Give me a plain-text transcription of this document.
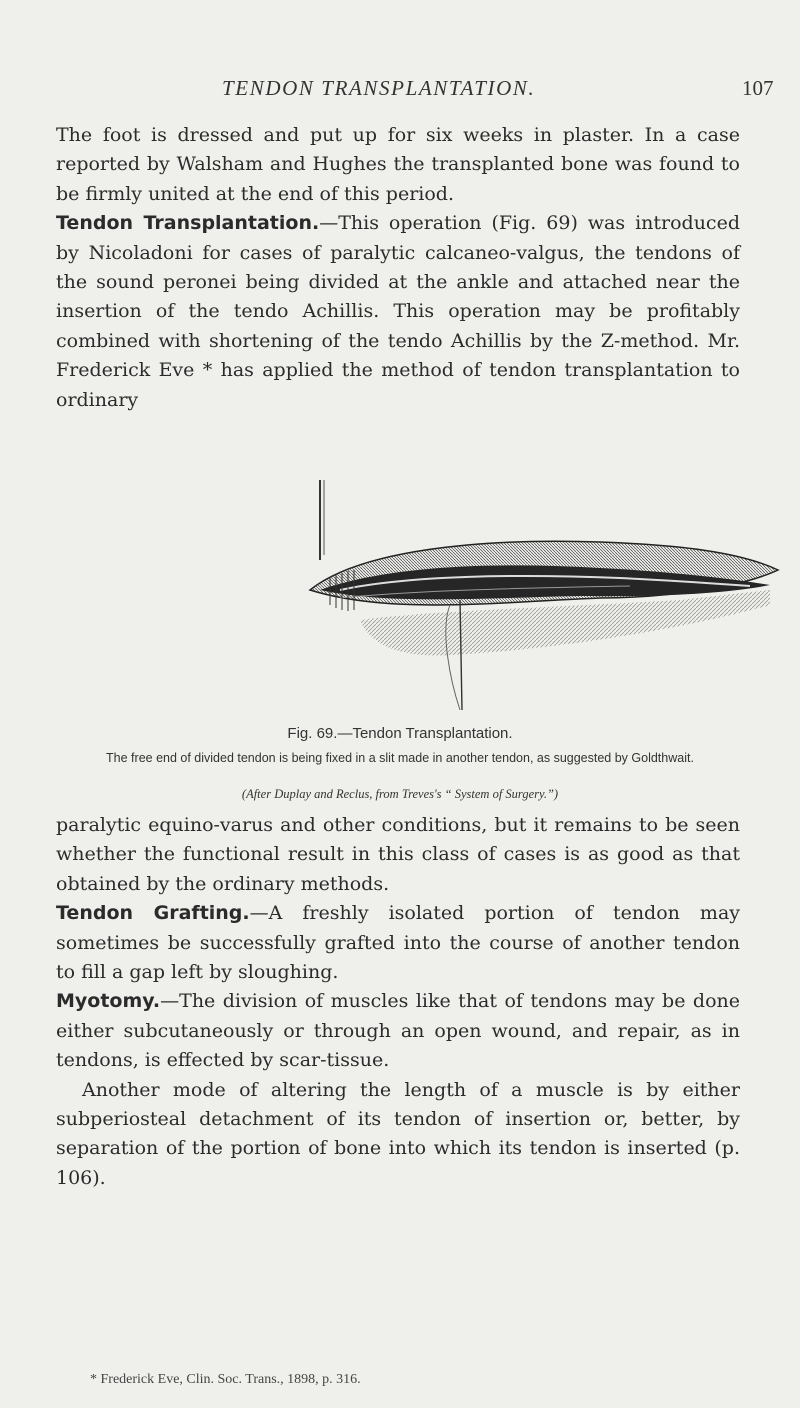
TENDON TRANSPLANTATION.	107

The foot is dressed and put up for six weeks in plaster. In a case reported by Walsham and Hughes the transplanted bone was found to be firmly united at the end of this period.

Tendon Transplantation.—This operation (Fig. 69) was introduced by Nicoladoni for cases of paralytic calcaneo-valgus, the tendons of the sound peronei being divided at the ankle and attached near the insertion of the tendo Achillis. This operation may be profitably combined with shortening of the tendo Achillis by the Z-method. Mr. Frederick Eve * has applied the method of tendon transplantation to ordinary

Fig. 69.—Tendon Transplantation.
The free end of divided tendon is being fixed in a slit made in another tendon, as suggested by Goldthwait.
(After Duplay and Reclus, from Treves's “ System of Surgery.”)

paralytic equino-varus and other conditions, but it remains to be seen whether the functional result in this class of cases is as good as that obtained by the ordinary methods.

Tendon Grafting.—A freshly isolated portion of tendon may sometimes be successfully grafted into the course of another tendon to fill a gap left by sloughing.

Myotomy.—The division of muscles like that of tendons may be done either subcutaneously or through an open wound, and repair, as in tendons, is effected by scar-tissue.

Another mode of altering the length of a muscle is by either subperiosteal detachment of its tendon of insertion or, better, by separation of the portion of bone into which its tendon is inserted (p. 106).

* Frederick Eve, Clin. Soc. Trans., 1898, p. 316.
